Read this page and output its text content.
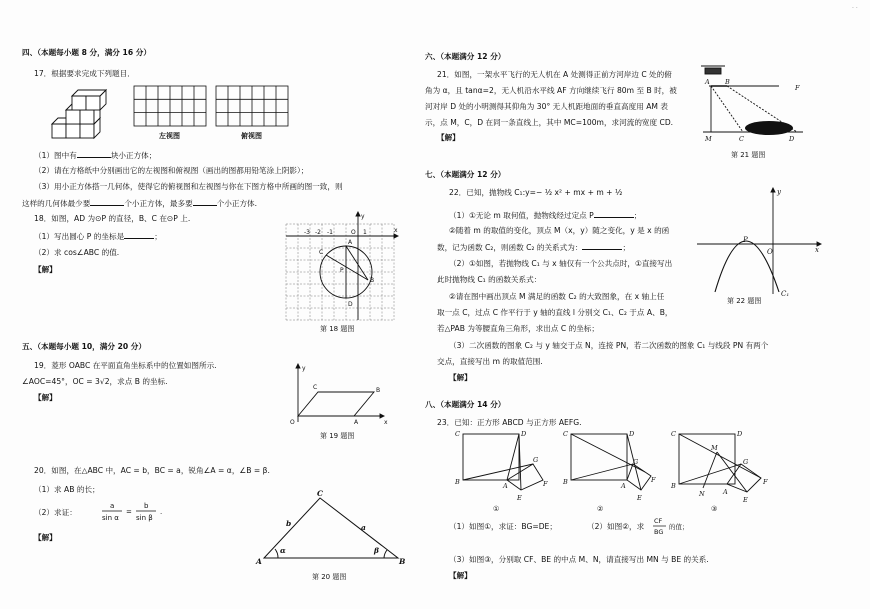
四、（本题每小题 8 分，满分 16 分）
17．根据要求完成下列题目．
左视图	俯视图
（1）图中有	块小正方体；
（2）请在方格纸中分别画出它的左视图和俯视图（画出的图都用铅笔涂上阴影）；
（3）用小正方体搭一几何体，使得它的俯视图和左视图与你在下图方格中所画的图一致，则
这样的几何体最少要	个小正方体，最多要	个小正方体.
18．如图，AD 为⊙P 的直径，B、C 在⊙P 上.
（1）写出圆心 P 的坐标是	；
（2）求 cos∠ABC 的值.
【解】
-3 -2 -1	O 1	x
y
A
C
P
B
D
第 18 题图
五、（本题每小题 10，满分 20 分）
19．菱形 OABC 在平面直角坐标系中的位置如图所示.
∠AOC=45°，OC = 3√2，求点 B 的坐标.
【解】
y
O	A
B
C
x
第 19 题图
20．如图，在△ABC 中，AC = b，BC = a，锐角∠A = α，∠B = β.
（1）求 AB 的长；
（2）求证：
a
sin α
=
b
sin β
.
【解】
A	B
C
b	a
α	β
第 20 题图
六、（本题满分 12 分）
21．如图，一架水平飞行的无人机在 A 处测得正前方河岸边 C 处的俯
角为 α，且 tanα=2，无人机沿水平线 AF 方向继续飞行 80m 至 B 时，被
河对岸 D 处的小明测得其仰角为 30° 无人机距地面的垂直高度用 AM 表
示，点 M，C，D 在同一条直线上，其中 MC=100m，求河流的宽度 CD.
【解】
A B
F
M	C	D
第 21 题图
七、（本题满分 12 分）
22．已知，抛物线 C₁:y=− ½ x² + mx + m + ½
（1）①无论 m 取何值，抛物线经过定点 P	；
②随着 m 的取值的变化，顶点 M（x，y）随之变化，y 是 x 的函
数，记为函数 C₂，则函数 C₂ 的关系式为：	；
（2）①如图，若抛物线 C₁ 与 x 轴仅有一个公共点时，①直接写出
此时抛物线 C₁ 的函数关系式：
②请在图中画出顶点 M 满足的函数 C₂ 的大致图象，在 x 轴上任
取一点 C，过点 C 作平行于 y 轴的直线 l 分别交 C₁、C₂ 于点 A、B，
若△PAB 为等腰直角三角形，求出点 C 的坐标；
（3）二次函数的图象 C₂ 与 y 轴交于点 N，连接 PN，若二次函数的图象 C₁ 与线段 PN 有两个
交点，直接写出 m 的取值范围.
【解】
y
x
P
O
C₁
第 22 题图
八、（本题满分 14 分）
23．已知：正方形 ABCD 与正方形 AEFG.
C	D
B	A
G
F
E
①
C	D
B	A
G
F
E
②
C	D
B
M
N	A
G
F
E
③
（1）如图①，求证：BG=DE；	（2）如图②，求
CF
BG
的值；
（3）如图③，分别取 CF、BE 的中点 M、N，请直接写出 MN 与 BE 的关系.
【解】
· ·
